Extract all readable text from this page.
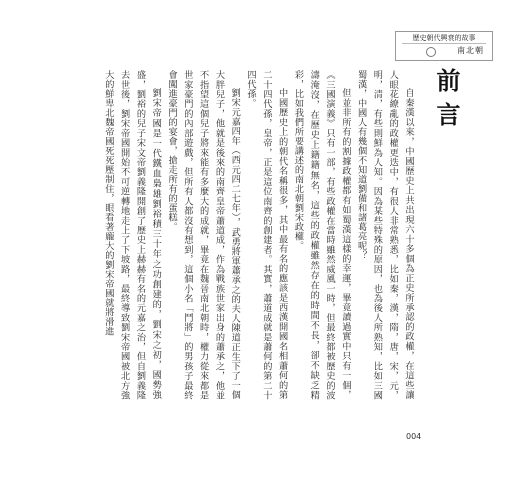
歷史朝代興衰的故事
南北朝
前言

自秦漢以來，中國歷史上共出現六十多個為正史所承認的政權，在這些讓人眼花繚亂的政權更迭中，有很人非常熟悉，比如秦，漢，隋，唐，宋，元，明，清，有些則鮮為人知。因為某些特殊的原因，也為後人所熟知，比如三國蜀漢，中國人有幾個不知道劉備和諸葛亮呢？

但並非所有的割據政權都有如蜀漢這樣的幸運，畢竟讀過實中只有一個，《三國演義》只有一部，有些政權在當時雖然威風一時，但最終都被歷史的波濤淹沒，在歷史上籍籍無名，這些的政權雖然存在的時間不長，卻不缺乏精彩，比如我們所要講述的南北朝劉宋政權。

中國歷史上的朝代名稱很多，其中最有名的應該是西漢開國名相蕭何的第二十四代孫，皇帝，正是這位南齊的創建者。其實，蕭道成就是蕭何的第二十四代孫。

劉宋元嘉四年（西元四二七年），武勇將軍蕭承之的夫人陳道正生下了一個大胖兒子，他就是後來的南齊皇帝蕭道成，作為戰族世家出身的蕭承之，他並不指望這個兒子將來能有多麼大的成就，畢竟在魏晉南北朝時，權力從來都是世家豪門的內部遊戲，但所有人都沒有想到，這個小名「鬥將」的男孩子最終會闖進豪門的宴會，搶走所有的蛋糕。

劉宋帝國是一代鐵血梟雄劉裕積三十年之功創建的，劉宋之初，國勢強盛，劉裕的兒子宋文帝劉義隆開創了歷史上赫赫有名的元嘉之治，但自劉義隆去世後，劉宋帝國開始不可逆轉地走上了下坡路，最終導致劉宋帝國被北方強大的鮮卑北魏帝國死死壓制住，眼看著龐大的劉宋帝國就將滑進

004
